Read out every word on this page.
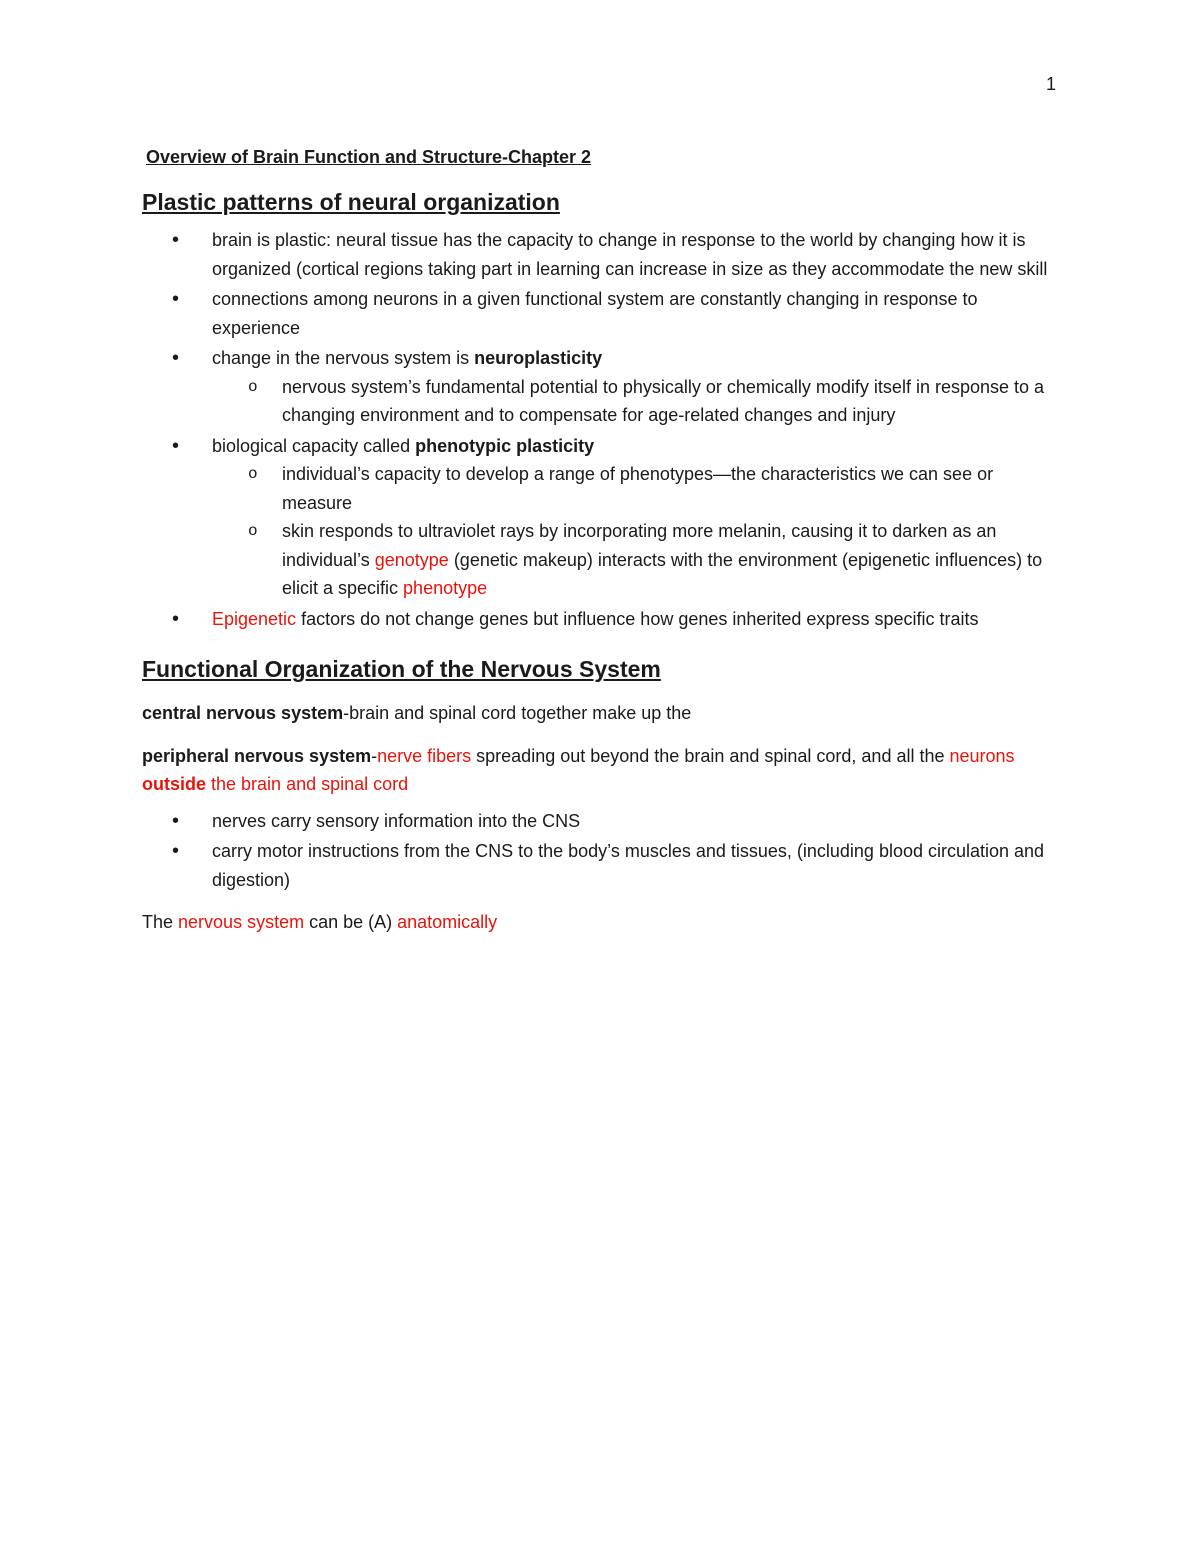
1

Overview of Brain Function and Structure-Chapter 2

Plastic patterns of neural organization
• brain is plastic: neural tissue has the capacity to change in response to the world by changing how it is organized (cortical regions taking part in learning can increase in size as they accommodate the new skill
• connections among neurons in a given functional system are constantly changing in response to experience
• change in the nervous system is neuroplasticity
o nervous system’s fundamental potential to physically or chemically modify itself in response to a changing environment and to compensate for age-related changes and injury
• biological capacity called phenotypic plasticity
o individual’s capacity to develop a range of phenotypes—the characteristics we can see or measure
o skin responds to ultraviolet rays by incorporating more melanin, causing it to darken as an individual’s genotype (genetic makeup) interacts with the environment (epigenetic influences) to elicit a specific phenotype
• Epigenetic factors do not change genes but influence how genes inherited express specific traits
Functional Organization of the Nervous System

central nervous system-brain and spinal cord together make up the

peripheral nervous system-nerve fibers spreading out beyond the brain and spinal cord, and all the neurons outside the brain and spinal cord

• nerves carry sensory information into the CNS
• carry motor instructions from the CNS to the body’s muscles and tissues, (including blood circulation and digestion)

The nervous system can be (A) anatomically
